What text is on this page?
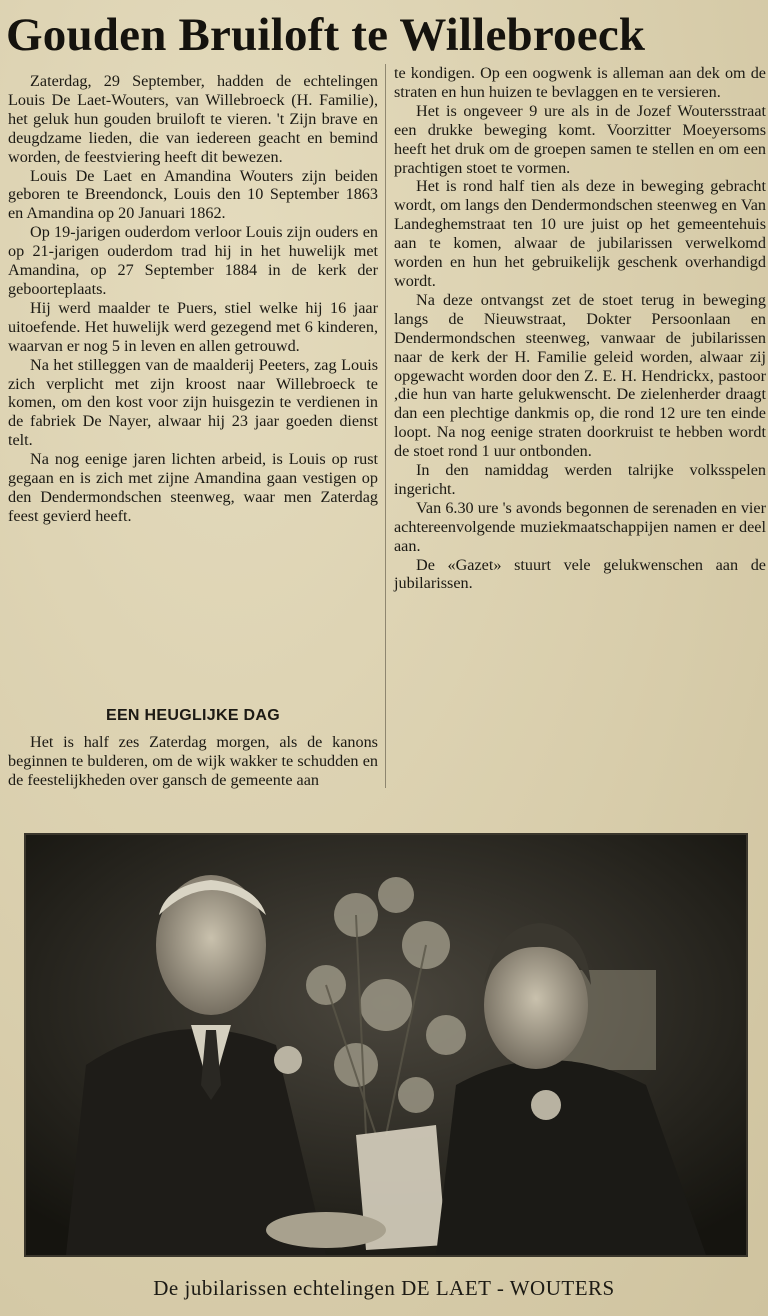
Gouden Bruiloft te Willebroeck

Zaterdag, 29 September, hadden de echtelingen Louis De Laet-Wouters, van Willebroeck (H. Familie), het geluk hun gouden bruiloft te vieren. 't Zijn brave en deugdzame lieden, die van iedereen geacht en bemind worden, de feestviering heeft dit bewezen.

Louis De Laet en Amandina Wouters zijn beiden geboren te Breendonck, Louis den 10 September 1863 en Amandina op 20 Januari 1862.

Op 19-jarigen ouderdom verloor Louis zijn ouders en op 21-jarigen ouderdom trad hij in het huwelijk met Amandina, op 27 September 1884 in de kerk der geboorteplaats.

Hij werd maalder te Puers, stiel welke hij 16 jaar uitoefende. Het huwelijk werd gezegend met 6 kinderen, waarvan er nog 5 in leven en allen getrouwd.

Na het stilleggen van de maalderij Peeters, zag Louis zich verplicht met zijn kroost naar Willebroeck te komen, om den kost voor zijn huisgezin te verdienen in de fabriek De Nayer, alwaar hij 23 jaar goeden dienst telt.

Na nog eenige jaren lichten arbeid, is Louis op rust gegaan en is zich met zijne Amandina gaan vestigen op den Dendermondschen steenweg, waar men Zaterdag feest gevierd heeft.

EEN HEUGLIJKE DAG

Het is half zes Zaterdag morgen, als de kanons beginnen te bulderen, om de wijk wakker te schudden en de feestelijkheden over gansch de gemeente aan

te kondigen. Op een oogwenk is alleman aan dek om de straten en hun huizen te bevlaggen en te versieren.

Het is ongeveer 9 ure als in de Jozef Woutersstraat een drukke beweging komt. Voorzitter Moeyersoms heeft het druk om de groepen samen te stellen en om een prachtigen stoet te vormen.

Het is rond half tien als deze in beweging gebracht wordt, om langs den Dendermondschen steenweg en Van Landeghemstraat ten 10 ure juist op het gemeentehuis aan te komen, alwaar de jubilarissen verwelkomd worden en hun het gebruikelijk geschenk overhandigd wordt.

Na deze ontvangst zet de stoet terug in beweging langs de Nieuwstraat, Dokter Persoonlaan en Dendermondschen steenweg, vanwaar de jubilarissen naar de kerk der H. Familie geleid worden, alwaar zij opgewacht worden door den Z. E. H. Hendrickx, pastoor ,die hun van harte gelukwenscht. De zielenherder draagt dan een plechtige dankmis op, die rond 12 ure ten einde loopt. Na nog eenige straten doorkruist te hebben wordt de stoet rond 1 uur ontbonden.

In den namiddag werden talrijke volksspelen ingericht.

Van 6.30 ure 's avonds begonnen de serenaden en vier achtereenvolgende muziekmaatschappijen namen er deel aan.

De «Gazet» stuurt vele gelukwenschen aan de jubilarissen.

De jubilarissen echtelingen DE LAET - WOUTERS
